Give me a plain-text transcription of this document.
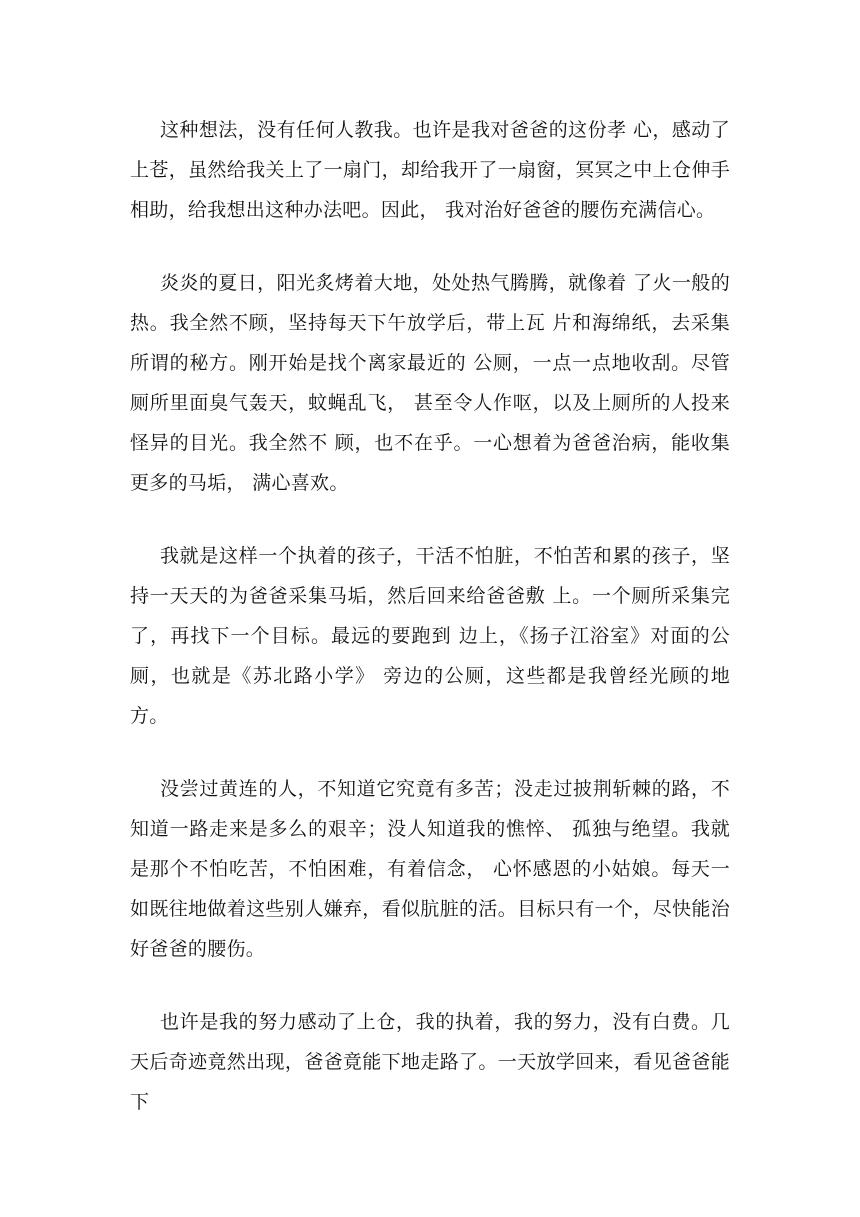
这种想法，没有任何人教我。也许是我对爸爸的这份孝 心，感动了上苍，虽然给我关上了一扇门，却给我开了一扇窗，冥冥之中上仓伸手相助，给我想出这种办法吧。因此， 我对治好爸爸的腰伤充满信心。

炎炎的夏日，阳光炙烤着大地，处处热气腾腾，就像着 了火一般的热。我全然不顾，坚持每天下午放学后，带上瓦 片和海绵纸，去采集所谓的秘方。刚开始是找个离家最近的 公厕，一点一点地收刮。尽管厕所里面臭气轰天，蚊蝇乱飞， 甚至令人作呕，以及上厕所的人投来怪异的目光。我全然不 顾，也不在乎。一心想着为爸爸治病，能收集更多的马垢， 满心喜欢。

我就是这样一个执着的孩子，干活不怕脏，不怕苦和累的孩子，坚持一天天的为爸爸采集马垢，然后回来给爸爸敷 上。一个厕所采集完了，再找下一个目标。最远的要跑到 边上，《扬子江浴室》对面的公厕，也就是《苏北路小学》 旁边的公厕，这些都是我曾经光顾的地方。

没尝过黄连的人，不知道它究竟有多苦；没走过披荆斩棘的路，不知道一路走来是多么的艰辛；没人知道我的憔悴、 孤独与绝望。我就是那个不怕吃苦，不怕困难，有着信念， 心怀感恩的小姑娘。每天一如既往地做着这些别人嫌弃，看似肮脏的活。目标只有一个，尽快能治好爸爸的腰伤。

也许是我的努力感动了上仓，我的执着，我的努力，没有白费。几天后奇迹竟然出现，爸爸竟能下地走路了。一天放学回来，看见爸爸能下
